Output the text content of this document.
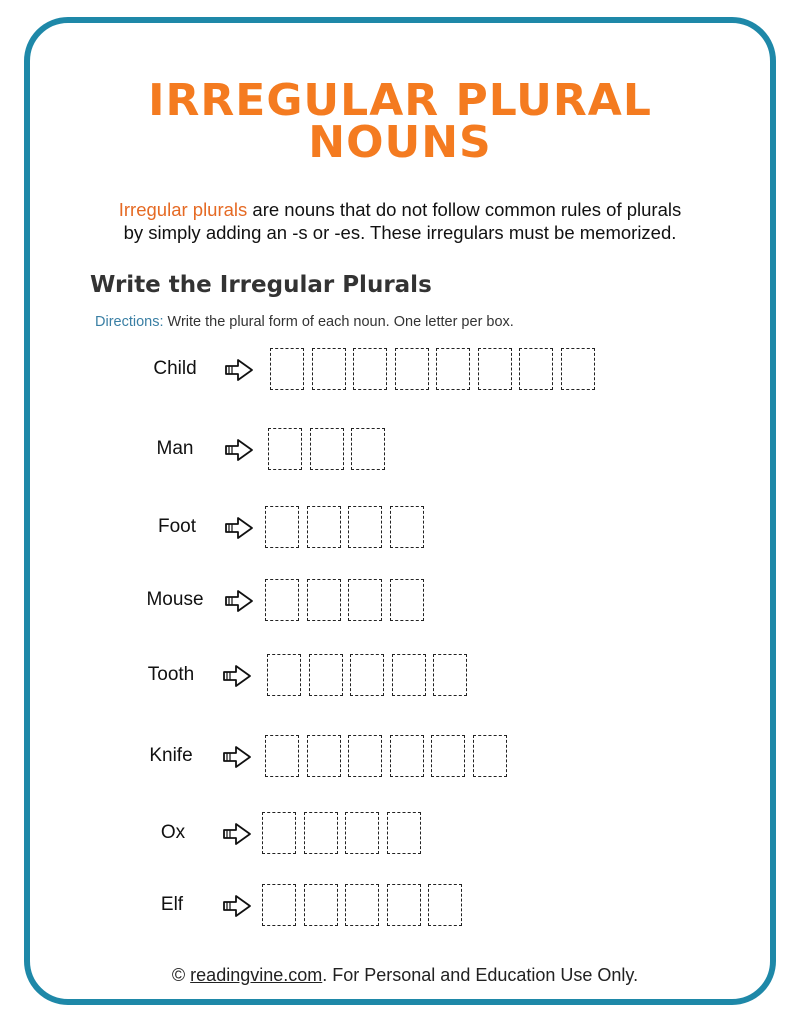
IRREGULAR PLURAL
NOUNS
Irregular plurals are nouns that do not follow common rules of plurals
by simply adding an -s or -es. These irregulars must be memorized.
Write the Irregular Plurals
Directions: Write the plural form of each noun. One letter per box.
Child
Man
Foot
Mouse
Tooth
Knife
Ox
Elf
© readingvine.com. For Personal and Education Use Only.
